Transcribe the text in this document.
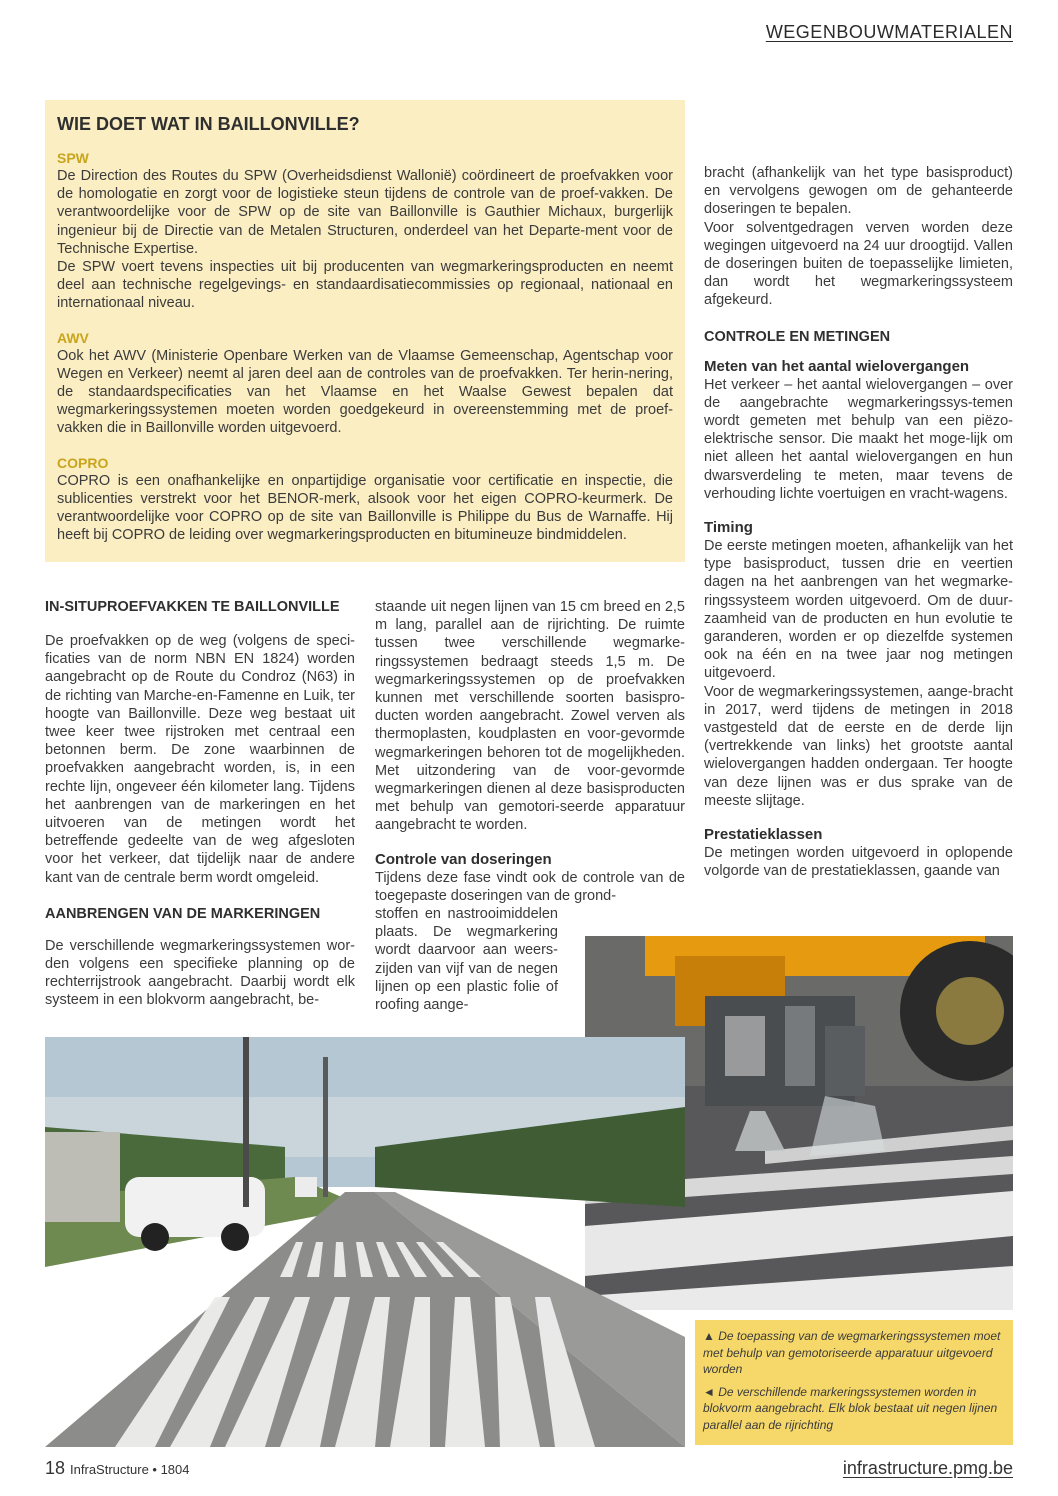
WEGENBOUWMATERIALEN
WIE DOET WAT IN BAILLONVILLE?
SPW

De Direction des Routes du SPW (Overheidsdienst Wallonië) coördineert de proefvakken voor de homologatie en zorgt voor de logistieke steun tijdens de controle van de proef-vakken. De verantwoordelijke voor de SPW op de site van Baillonville is Gauthier Michaux, burgerlijk ingenieur bij de Directie van de Metalen Structuren, onderdeel van het Departe-ment voor de Technische Expertise.

De SPW voert tevens inspecties uit bij producenten van wegmarkeringsproducten en neemt deel aan technische regelgevings- en standaardisatiecommissies op regionaal, nationaal en internationaal niveau.

AWV

Ook het AWV (Ministerie Openbare Werken van de Vlaamse Gemeenschap, Agentschap voor Wegen en Verkeer) neemt al jaren deel aan de controles van de proefvakken. Ter herin-nering, de standaardspecificaties van het Vlaamse en het Waalse Gewest bepalen dat wegmarkeringssystemen moeten worden goedgekeurd in overeenstemming met de proef-vakken die in Baillonville worden uitgevoerd.

COPRO

COPRO is een onafhankelijke en onpartijdige organisatie voor certificatie en inspectie, die sublicenties verstrekt voor het BENOR-merk, alsook voor het eigen COPRO-keurmerk. De verantwoordelijke voor COPRO op de site van Baillonville is Philippe du Bus de Warnaffe. Hij heeft bij COPRO de leiding over wegmarkeringsproducten en bitumineuze bindmiddelen.

IN-SITUPROEFVAKKEN TE BAILLONVILLE

De proefvakken op de weg (volgens de speci-ficaties van de norm NBN EN 1824) worden aangebracht op de Route du Condroz (N63) in de richting van Marche-en-Famenne en Luik, ter hoogte van Baillonville. Deze weg bestaat uit twee keer twee rijstroken met centraal een betonnen berm. De zone waarbinnen de proefvakken aangebracht worden, is, in een rechte lijn, ongeveer één kilometer lang. Tijdens het aanbrengen van de markeringen en het uitvoeren van de metingen wordt het betreffende gedeelte van de weg afgesloten voor het verkeer, dat tijdelijk naar de andere kant van de centrale berm wordt omgeleid.

AANBRENGEN VAN DE MARKERINGEN

De verschillende wegmarkeringssystemen wor-den volgens een specifieke planning op de rechterrijstrook aangebracht. Daarbij wordt elk systeem in een blokvorm aangebracht, be-

staande uit negen lijnen van 15 cm breed en 2,5 m lang, parallel aan de rijrichting. De ruimte tussen twee verschillende wegmarke-ringssystemen bedraagt steeds 1,5 m. De wegmarkeringssystemen op de proefvakken kunnen met verschillende soorten basispro-ducten worden aangebracht. Zowel verven als thermoplasten, koudplasten en voor-gevormde wegmarkeringen behoren tot de mogelijkheden. Met uitzondering van de voor-gevormde wegmarkeringen dienen al deze basisproducten met behulp van gemotori-seerde apparatuur aangebracht te worden.

Controle van doseringen

Tijdens deze fase vindt ook de controle van de toegepaste doseringen van de grond-

stoffen en nastrooimiddelen plaats. De wegmarkering wordt daarvoor aan weers-zijden van vijf van de negen lijnen op een plastic folie of roofing aange-

bracht (afhankelijk van het type basisproduct) en vervolgens gewogen om de gehanteerde doseringen te bepalen.

Voor solventgedragen verven worden deze wegingen uitgevoerd na 24 uur droogtijd. Vallen de doseringen buiten de toepasselijke limieten, dan wordt het wegmarkeringssysteem afgekeurd.

CONTROLE EN METINGEN
Meten van het aantal wielovergangen

Het verkeer – het aantal wielovergangen – over de aangebrachte wegmarkeringssys-temen wordt gemeten met behulp van een piëzo-elektrische sensor. Die maakt het moge-lijk om niet alleen het aantal wielovergangen en hun dwarsverdeling te meten, maar tevens de verhouding lichte voertuigen en vracht-wagens.

Timing

De eerste metingen moeten, afhankelijk van het type basisproduct, tussen drie en veertien dagen na het aanbrengen van het wegmarke-ringssysteem worden uitgevoerd. Om de duur-zaamheid van de producten en hun evolutie te garanderen, worden er op diezelfde systemen ook na één en na twee jaar nog metingen uitgevoerd.

Voor de wegmarkeringssystemen, aange-bracht in 2017, werd tijdens de metingen in 2018 vastgesteld dat de eerste en de derde lijn (vertrekkende van links) het grootste aantal wielovergangen hadden ondergaan. Ter hoogte van deze lijnen was er dus sprake van de meeste slijtage.

Prestatieklassen

De metingen worden uitgevoerd in oplopende volgorde van de prestatieklassen, gaande van

▲ De toepassing van de wegmarkeringssystemen moet met behulp van gemotoriseerde apparatuur uitgevoerd worden

◄ De verschillende markeringssystemen worden in blokvorm aangebracht. Elk blok bestaat uit negen lijnen parallel aan de rijrichting

18 InfraStructure • 1804	infrastructure.pmg.be
